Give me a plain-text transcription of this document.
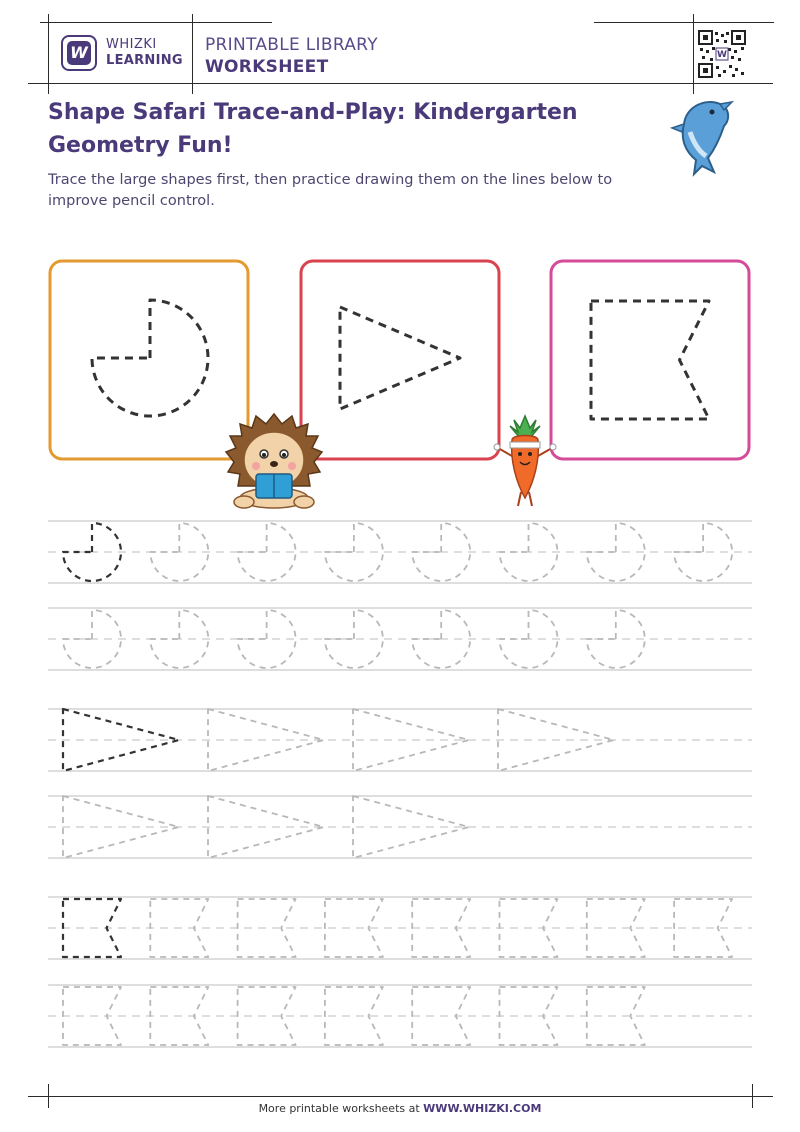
W WHIZKI
LEARNING
PRINTABLE LIBRARY
WORKSHEET
W
Shape Safari Trace-and-Play: Kindergarten Geometry Fun!
Trace the large shapes first, then practice drawing them on the lines below to improve pencil control.
More printable worksheets at WWW.WHIZKI.COM
